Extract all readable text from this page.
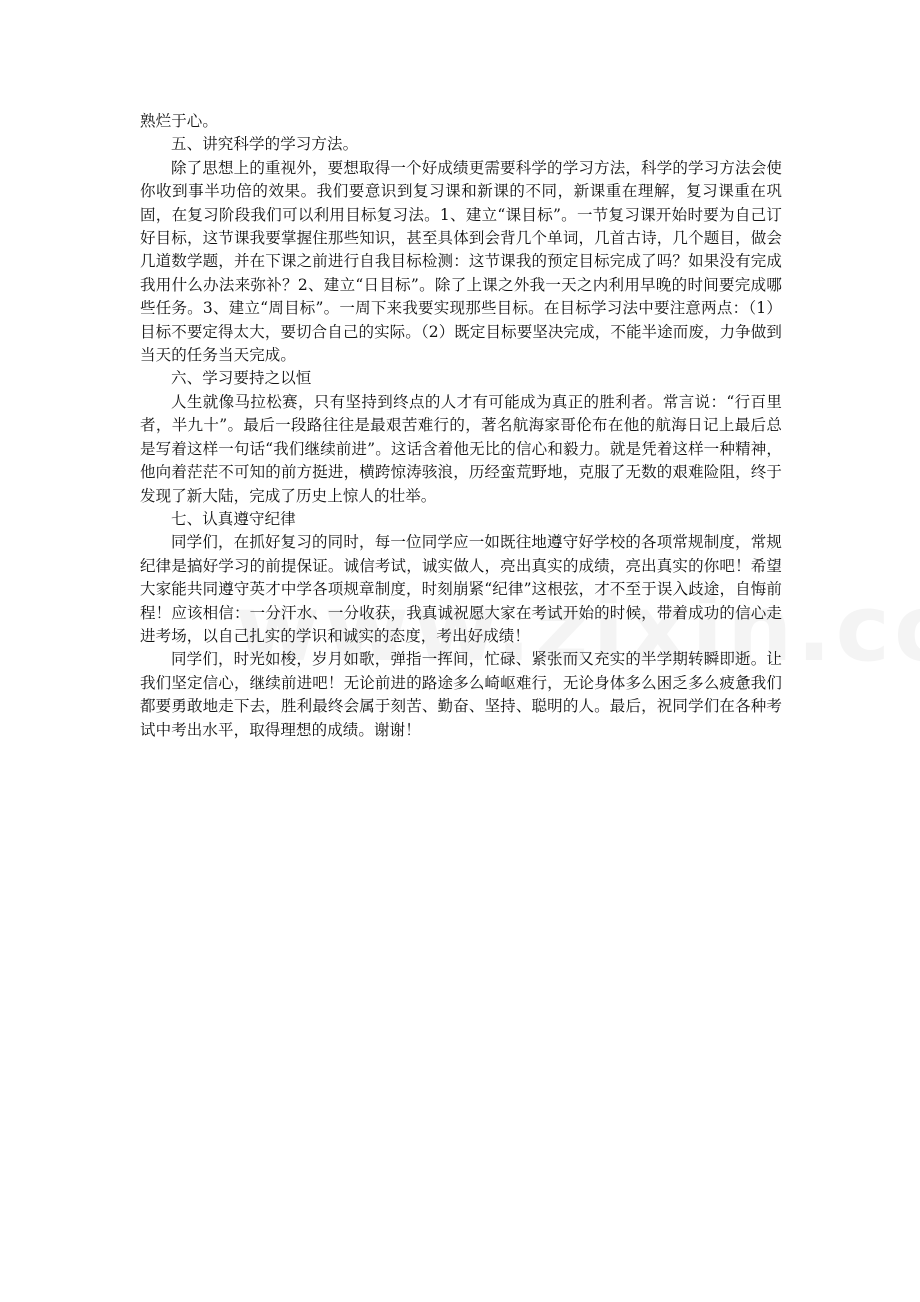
熟烂于心。

五、讲究科学的学习方法。

除了思想上的重视外，要想取得一个好成绩更需要科学的学习方法，科学的学习方法会使你收到事半功倍的效果。我们要意识到复习课和新课的不同，新课重在理解，复习课重在巩固，在复习阶段我们可以利用目标复习法。1、建立“课目标”。一节复习课开始时要为自己订好目标，这节课我要掌握住那些知识，甚至具体到会背几个单词，几首古诗，几个题目，做会几道数学题，并在下课之前进行自我目标检测：这节课我的预定目标完成了吗？如果没有完成我用什么办法来弥补？2、建立“日目标”。除了上课之外我一天之内利用早晚的时间要完成哪些任务。3、建立“周目标”。一周下来我要实现那些目标。在目标学习法中要注意两点：（1）目标不要定得太大，要切合自己的实际。（2）既定目标要坚决完成，不能半途而废，力争做到当天的任务当天完成。

六、学习要持之以恒

人生就像马拉松赛，只有坚持到终点的人才有可能成为真正的胜利者。常言说：“行百里者，半九十”。最后一段路往往是最艰苦难行的，著名航海家哥伦布在他的航海日记上最后总是写着这样一句话“我们继续前进”。这话含着他无比的信心和毅力。就是凭着这样一种精神，他向着茫茫不可知的前方挺进，横跨惊涛骇浪，历经蛮荒野地，克服了无数的艰难险阻，终于发现了新大陆，完成了历史上惊人的壮举。

七、认真遵守纪律

同学们，在抓好复习的同时，每一位同学应一如既往地遵守好学校的各项常规制度，常规纪律是搞好学习的前提保证。诚信考试，诚实做人，亮出真实的成绩，亮出真实的你吧！希望大家能共同遵守英才中学各项规章制度，时刻崩紧“纪律”这根弦，才不至于误入歧途，自悔前程！应该相信：一分汗水、一分收获，我真诚祝愿大家在考试开始的时候，带着成功的信心走进考场，以自己扎实的学识和诚实的态度，考出好成绩！

同学们，时光如梭，岁月如歌，弹指一挥间，忙碌、紧张而又充实的半学期转瞬即逝。让我们坚定信心，继续前进吧！无论前进的路途多么崎岖难行，无论身体多么困乏多么疲惫我们都要勇敢地走下去，胜利最终会属于刻苦、勤奋、坚持、聪明的人。最后，祝同学们在各种考试中考出水平，取得理想的成绩。谢谢！
